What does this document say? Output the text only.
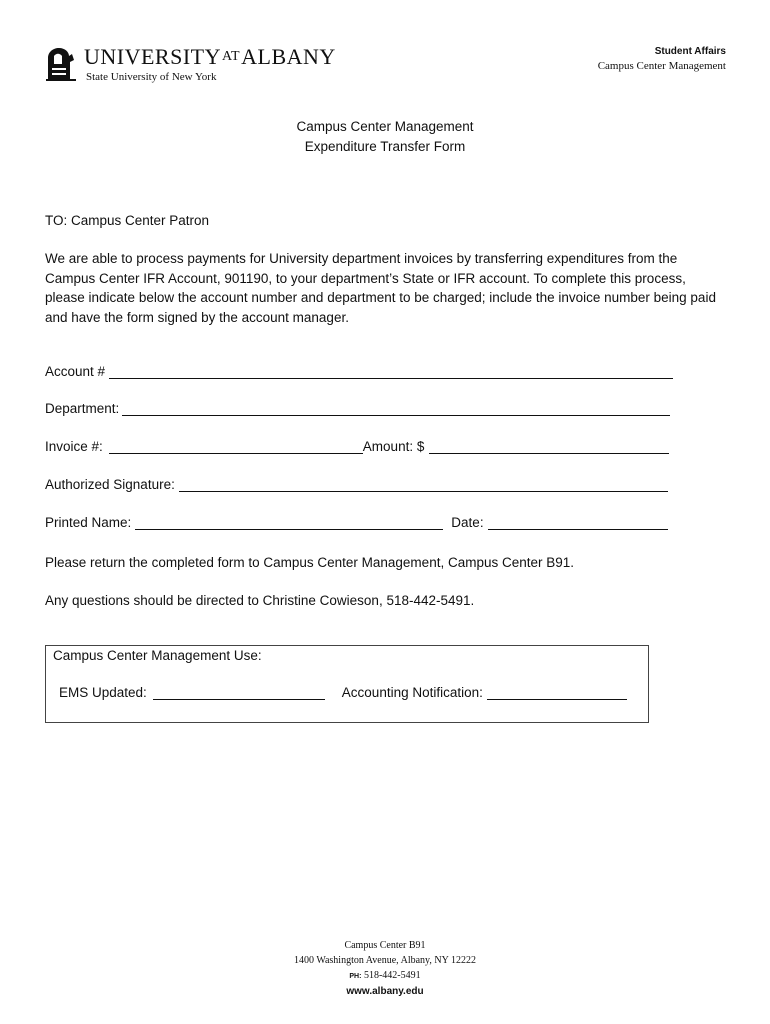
UNIVERSITYATALBANY
State University of New York
Student Affairs
Campus Center Management
Campus Center Management
Expenditure Transfer Form
TO: Campus Center Patron
We are able to process payments for University department invoices by transferring expenditures from the Campus Center IFR Account, 901190, to your department’s State or IFR account. To complete this process, please indicate below the account number and department to be charged; include the invoice number being paid and have the form signed by the account manager.
Account #
Department:
Invoice #:	Amount: $
Authorized Signature:
Printed Name:	Date:
Please return the completed form to Campus Center Management, Campus Center B91.
Any questions should be directed to Christine Cowieson, 518-442-5491.
Campus Center Management Use:
EMS Updated:	Accounting Notification:
Campus Center B91
1400 Washington Avenue, Albany, NY 12222
PH: 518-442-5491
www.albany.edu
